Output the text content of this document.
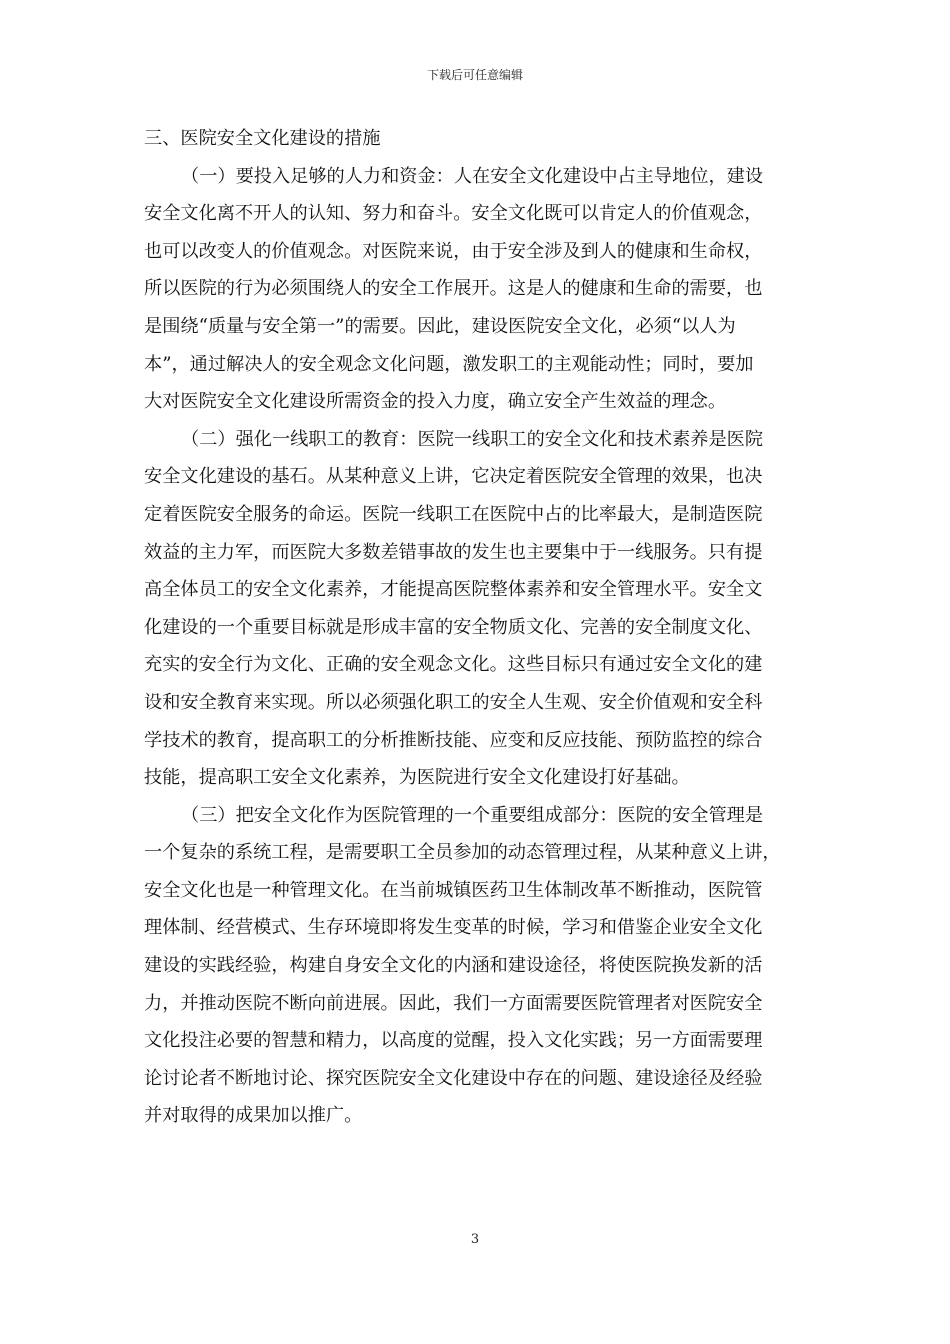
下载后可任意编辑
三、医院安全文化建设的措施
（一）要投入足够的人力和资金：人在安全文化建设中占主导地位，建设
安全文化离不开人的认知、努力和奋斗。安全文化既可以肯定人的价值观念，
也可以改变人的价值观念。对医院来说，由于安全涉及到人的健康和生命权，
所以医院的行为必须围绕人的安全工作展开。这是人的健康和生命的需要，也
是围绕“质量与安全第一”的需要。因此，建设医院安全文化，必须“以人为
本”，通过解决人的安全观念文化问题，激发职工的主观能动性；同时，要加
大对医院安全文化建设所需资金的投入力度，确立安全产生效益的理念。
（二）强化一线职工的教育：医院一线职工的安全文化和技术素养是医院
安全文化建设的基石。从某种意义上讲，它决定着医院安全管理的效果，也决
定着医院安全服务的命运。医院一线职工在医院中占的比率最大，是制造医院
效益的主力军，而医院大多数差错事故的发生也主要集中于一线服务。只有提
高全体员工的安全文化素养，才能提高医院整体素养和安全管理水平。安全文
化建设的一个重要目标就是形成丰富的安全物质文化、完善的安全制度文化、
充实的安全行为文化、正确的安全观念文化。这些目标只有通过安全文化的建
设和安全教育来实现。所以必须强化职工的安全人生观、安全价值观和安全科
学技术的教育，提高职工的分析推断技能、应变和反应技能、预防监控的综合
技能，提高职工安全文化素养，为医院进行安全文化建设打好基础。
（三）把安全文化作为医院管理的一个重要组成部分：医院的安全管理是
一个复杂的系统工程，是需要职工全员参加的动态管理过程，从某种意义上讲，
安全文化也是一种管理文化。在当前城镇医药卫生体制改革不断推动，医院管
理体制、经营模式、生存环境即将发生变革的时候，学习和借鉴企业安全文化
建设的实践经验，构建自身安全文化的内涵和建设途径，将使医院换发新的活
力，并推动医院不断向前进展。因此，我们一方面需要医院管理者对医院安全
文化投注必要的智慧和精力，以高度的觉醒，投入文化实践；另一方面需要理
论讨论者不断地讨论、探究医院安全文化建设中存在的问题、建设途径及经验
并对取得的成果加以推广。
3
